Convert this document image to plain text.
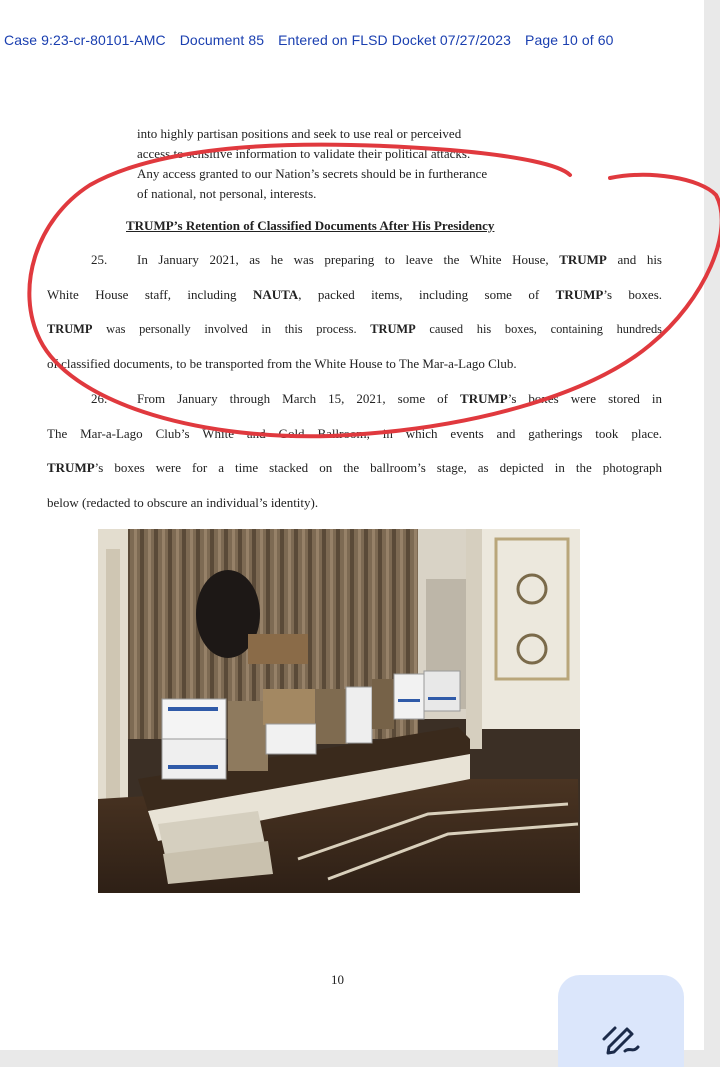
Case 9:23-cr-80101-AMC Document 85 Entered on FLSD Docket 07/27/2023 Page 10 of 60
into highly partisan positions and seek to use real or perceived
access to sensitive information to validate their political attacks.
Any access granted to our Nation’s secrets should be in furtherance
of national, not personal, interests.
TRUMP’s Retention of Classified Documents After His Presidency
25. In January 2021, as he was preparing to leave the White House, TRUMP and his
White House staff, including NAUTA, packed items, including some of TRUMP’s boxes.
TRUMP was personally involved in this process. TRUMP caused his boxes, containing hundreds
of classified documents, to be transported from the White House to The Mar-a-Lago Club.
26. From January through March 15, 2021, some of TRUMP’s boxes were stored in
The Mar-a-Lago Club’s White and Gold Ballroom, in which events and gatherings took place.
TRUMP’s boxes were for a time stacked on the ballroom’s stage, as depicted in the photograph
below (redacted to obscure an individual’s identity).
10
